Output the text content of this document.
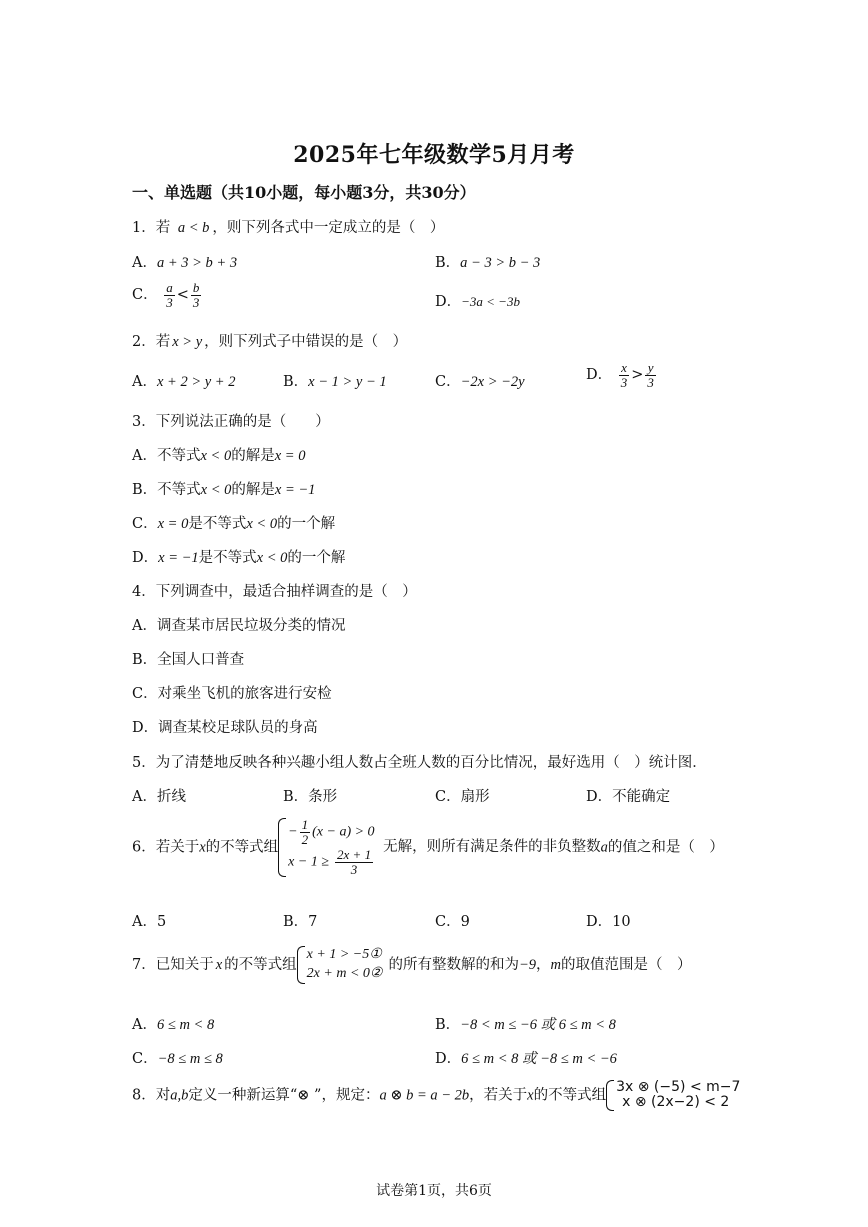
2025年七年级数学5月月考
一、单选题（共10小题，每小题3分，共30分）
1．若 a < b ，则下列各式中一定成立的是（　）
A．a + 3 > b + 3	B．a − 3 > b − 3
C． $\frac{a}{3} < \frac{b}{3}$	D．−3a < −3b
2．若 x > y ，则下列式子中错误的是（　）
A．x + 2 > y + 2	B．x − 1 > y − 1	C．−2x > −2y	D． $\frac{x}{3} > \frac{y}{3}$
3．下列说法正确的是（　　）
A．不等式x < 0的解是x = 0
B．不等式x < 0的解是x = −1
C．x = 0是不等式x < 0的一个解
D．x = −1是不等式x < 0的一个解
4．下列调查中，最适合抽样调查的是（　）
A．调查某市居民垃圾分类的情况
B．全国人口普查
C．对乘坐飞机的旅客进行安检
D．调查某校足球队员的身高
5．为了清楚地反映各种兴趣小组人数占全班人数的百分比情况，最好选用（　）统计图．
A．折线	B．条形	C．扇形	D．不能确定
6．若关于x的不等式组
− $\frac{1}{2} (x - a) > 0$
$x - 1 \ge \frac{2x + 1}{3}$
无解，则所有满足条件的非负整数a的值之和是（　）
A．5	B．7	C．9	D．10
7．已知关于 x 的不等式组
x + 1 > −5①
2x + m < 0②
的所有整数解的和为−9，m的取值范围是（　）
A．6 ≤ m < 8	B．−8 < m ≤ −6 或 6 ≤ m < 8
C．−8 ≤ m ≤ 8	D．6 ≤ m < 8 或 −8 ≤ m < −6
8．对a,b定义一种新运算“⊗ ”，规定：a ⊗ b = a − 2b，若关于x的不等式组
3x ⊗ (−5) < m−7
x ⊗ (2x−2) < 2
试卷第1页，共6页
